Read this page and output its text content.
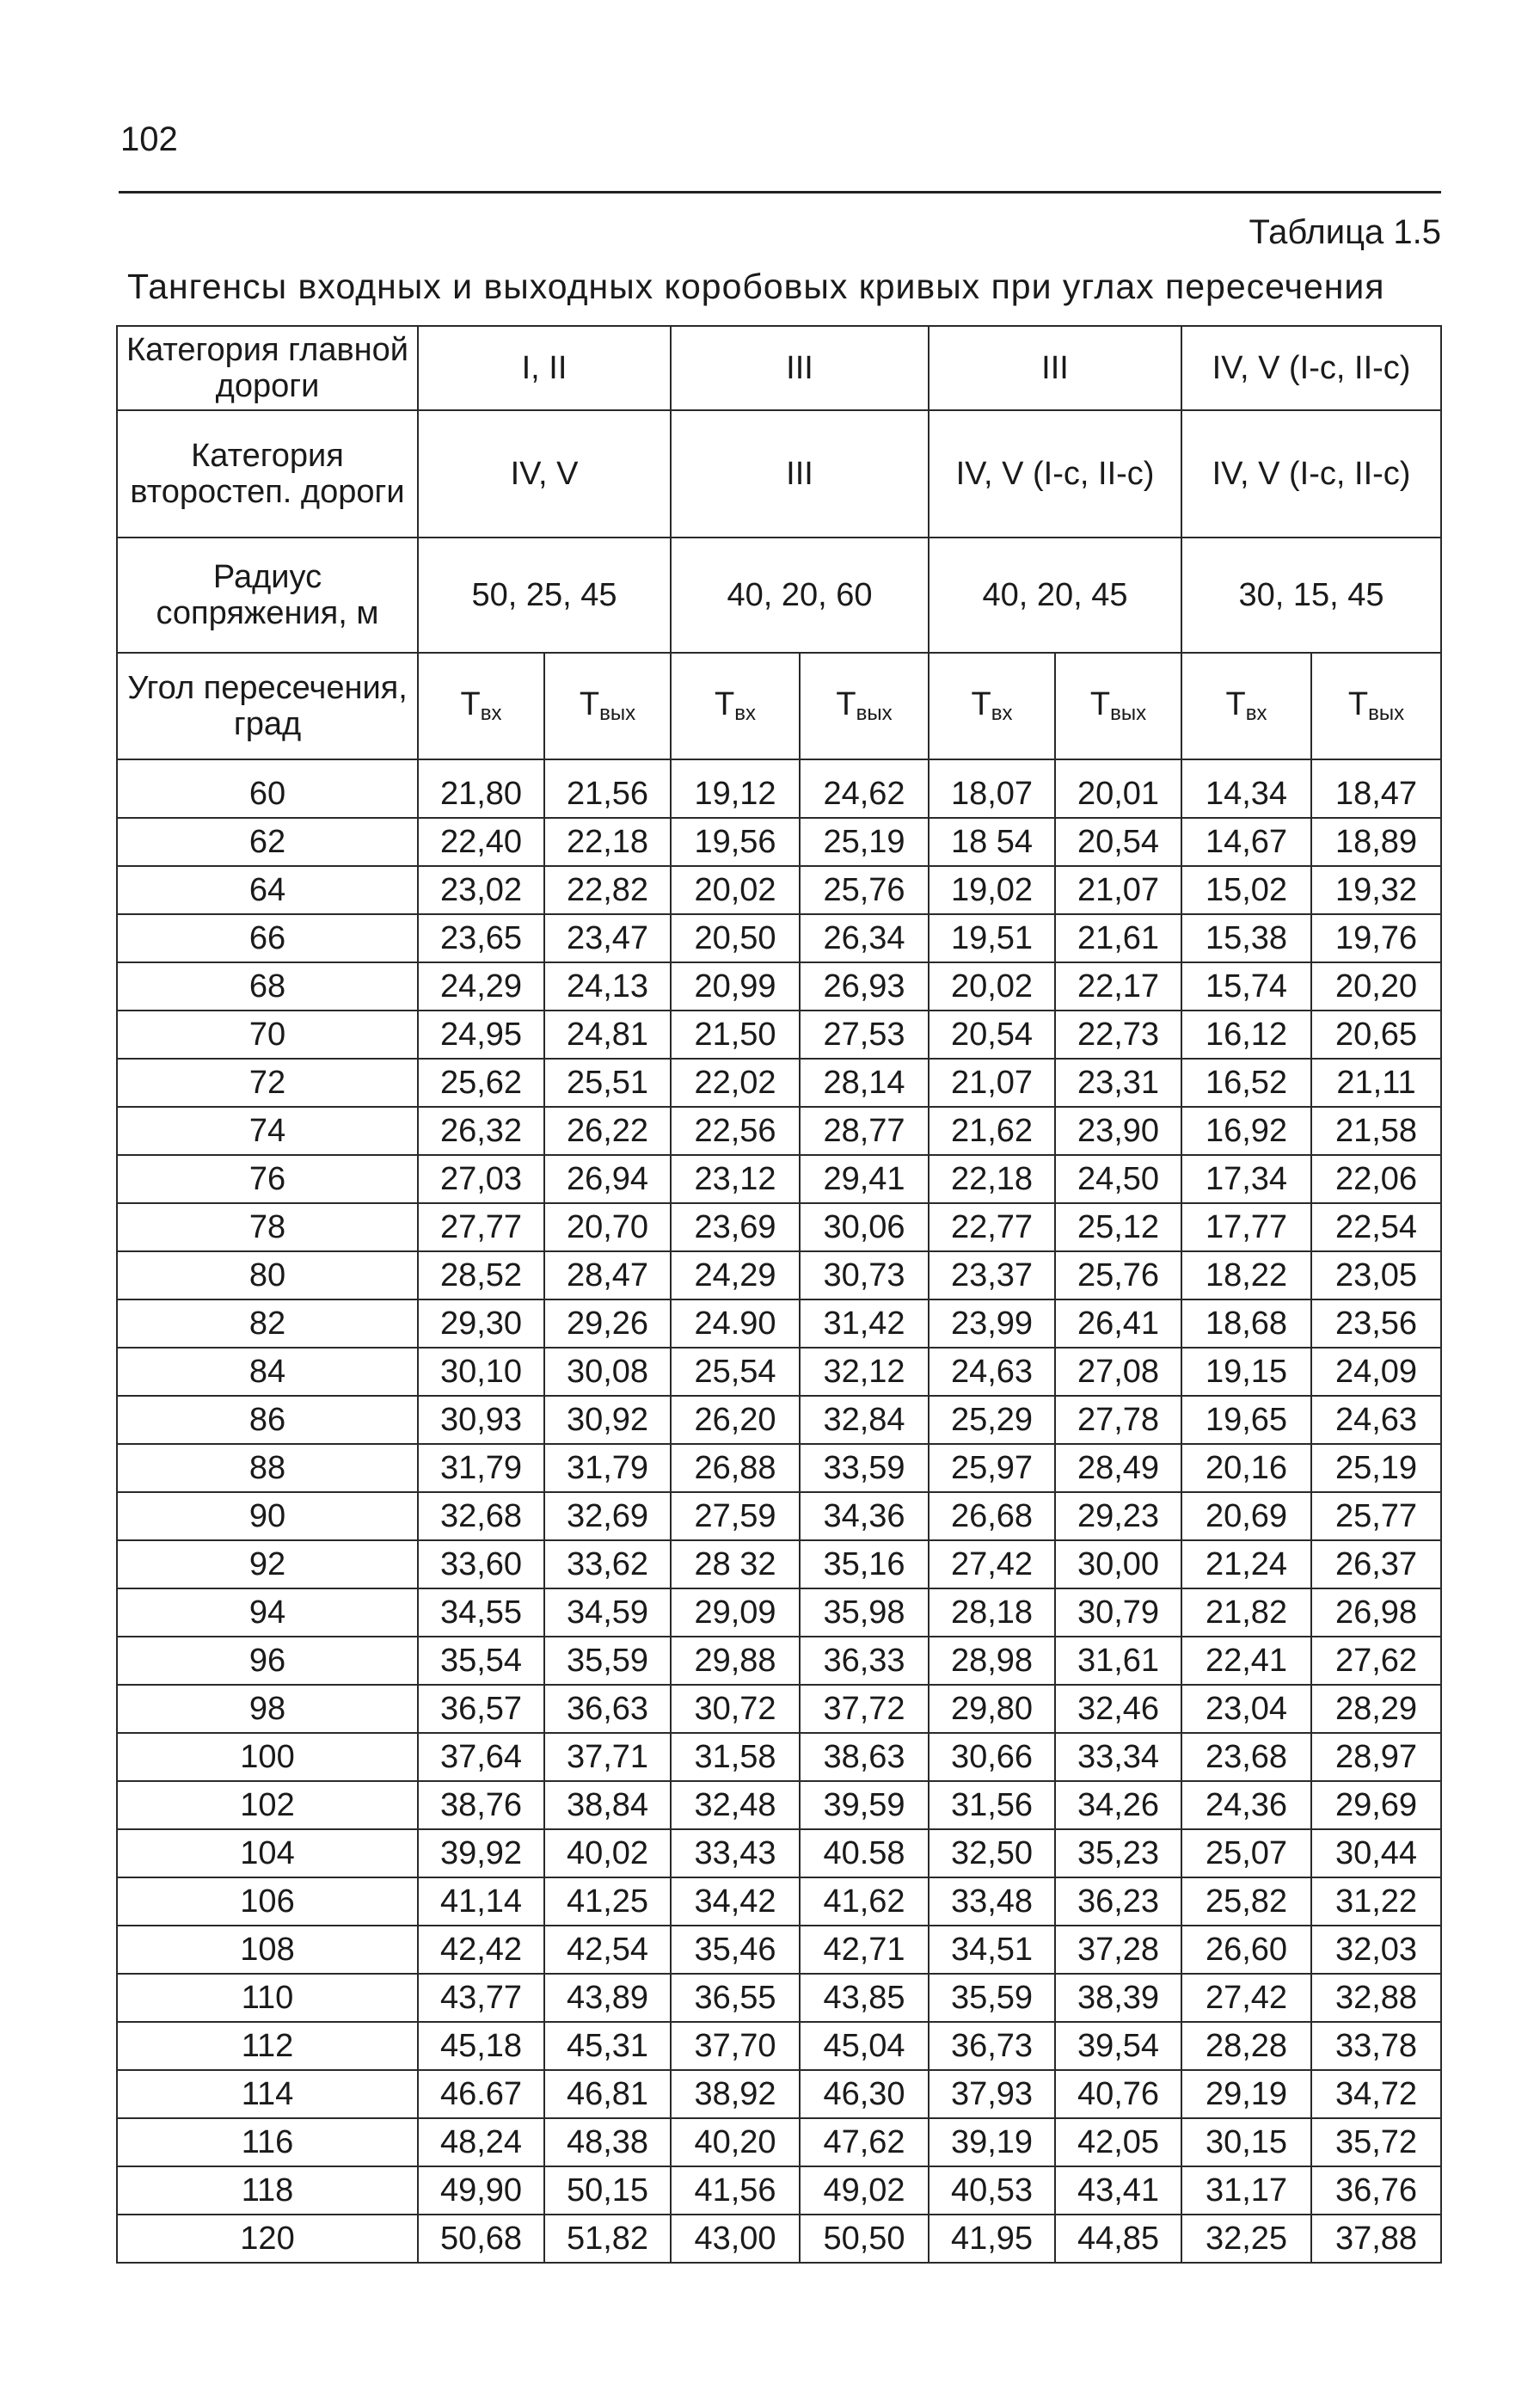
102
Таблица 1.5
Тангенсы входных и выходных коробовых кривых при углах пересечения
Категория главной дороги	I, II		III		III		IV, V (I-c, II-c)	
Категория второстеп. дороги	IV, V		III		IV, V (I-c, II-c)		IV, V (I-c, II-c)	
Радиус сопряжения, м	50, 25, 45		40, 20, 60		40, 20, 45		30, 15, 45	
Угол пересечения, град	$T_{вх}$	$T_{вых}$	$T_{вх}$	$T_{вых}$	$T_{вх}$	$T_{вых}$	$T_{вх}$	$T_{вых}$
60	21,80	21,56	19,12	24,62	18,07	20,01	14,34	18,47
62	22,40	22,18	19,56	25,19	18 54	20,54	14,67	18,89
64	23,02	22,82	20,02	25,76	19,02	21,07	15,02	19,32
66	23,65	23,47	20,50	26,34	19,51	21,61	15,38	19,76
68	24,29	24,13	20,99	26,93	20,02	22,17	15,74	20,20
70	24,95	24,81	21,50	27,53	20,54	22,73	16,12	20,65
72	25,62	25,51	22,02	28,14	21,07	23,31	16,52	21,11
74	26,32	26,22	22,56	28,77	21,62	23,90	16,92	21,58
76	27,03	26,94	23,12	29,41	22,18	24,50	17,34	22,06
78	27,77	20,70	23,69	30,06	22,77	25,12	17,77	22,54
80	28,52	28,47	24,29	30,73	23,37	25,76	18,22	23,05
82	29,30	29,26	24.90	31,42	23,99	26,41	18,68	23,56
84	30,10	30,08	25,54	32,12	24,63	27,08	19,15	24,09
86	30,93	30,92	26,20	32,84	25,29	27,78	19,65	24,63
88	31,79	31,79	26,88	33,59	25,97	28,49	20,16	25,19
90	32,68	32,69	27,59	34,36	26,68	29,23	20,69	25,77
92	33,60	33,62	28 32	35,16	27,42	30,00	21,24	26,37
94	34,55	34,59	29,09	35,98	28,18	30,79	21,82	26,98
96	35,54	35,59	29,88	36,33	28,98	31,61	22,41	27,62
98	36,57	36,63	30,72	37,72	29,80	32,46	23,04	28,29
100	37,64	37,71	31,58	38,63	30,66	33,34	23,68	28,97
102	38,76	38,84	32,48	39,59	31,56	34,26	24,36	29,69
104	39,92	40,02	33,43	40.58	32,50	35,23	25,07	30,44
106	41,14	41,25	34,42	41,62	33,48	36,23	25,82	31,22
108	42,42	42,54	35,46	42,71	34,51	37,28	26,60	32,03
110	43,77	43,89	36,55	43,85	35,59	38,39	27,42	32,88
112	45,18	45,31	37,70	45,04	36,73	39,54	28,28	33,78
114	46.67	46,81	38,92	46,30	37,93	40,76	29,19	34,72
116	48,24	48,38	40,20	47,62	39,19	42,05	30,15	35,72
118	49,90	50,15	41,56	49,02	40,53	43,41	31,17	36,76
120	50,68	51,82	43,00	50,50	41,95	44,85	32,25	37,88
